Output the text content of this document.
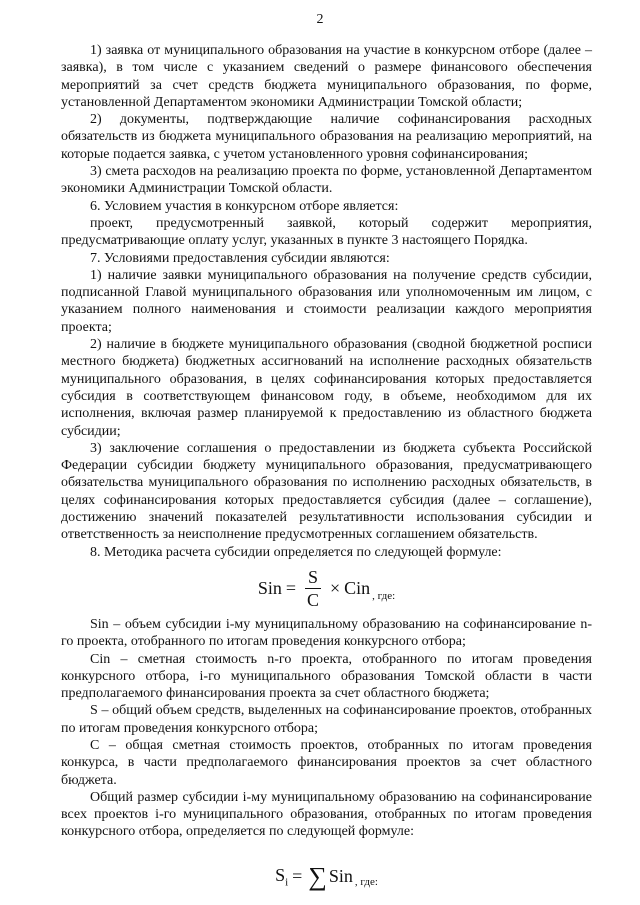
2

1) заявка от муниципального образования на участие в конкурсном отборе (далее – заявка), в том числе с указанием сведений о размере финансового обеспечения мероприятий за счет средств бюджета муниципального образования, по форме, установленной Департаментом экономики Администрации Томской области;

2) документы, подтверждающие наличие софинансирования расходных обязательств из бюджета муниципального образования на реализацию мероприятий, на которые подается заявка, с учетом установленного уровня софинансирования;

3) смета расходов на реализацию проекта по форме, установленной Департаментом экономики Администрации Томской области.

6. Условием участия в конкурсном отборе является:

проект, предусмотренный заявкой, который содержит мероприятия, предусматривающие оплату услуг, указанных в пункте 3 настоящего Порядка.

7. Условиями предоставления субсидии являются:

1) наличие заявки муниципального образования на получение средств субсидии, подписанной Главой муниципального образования или уполномоченным им лицом, с указанием полного наименования и стоимости реализации каждого мероприятия проекта;

2) наличие в бюджете муниципального образования (сводной бюджетной росписи местного бюджета) бюджетных ассигнований на исполнение расходных обязательств муниципального образования, в целях софинансирования которых предоставляется субсидия в соответствующем финансовом году, в объеме, необходимом для их исполнения, включая размер планируемой к предоставлению из областного бюджета субсидии;

3) заключение соглашения о предоставлении из бюджета субъекта Российской Федерации субсидии бюджету муниципального образования, предусматривающего обязательства муниципального образования по исполнению расходных обязательств, в целях софинансирования которых предоставляется субсидия (далее – соглашение), достижению значений показателей результативности использования субсидии и ответственность за неисполнение предусмотренных соглашением обязательств.

8. Методика расчета субсидии определяется по следующей формуле:

Sin = $\frac{S}{C}$ × Cin , где:

Sin – объем субсидии i-му муниципальному образованию на софинансирование n-го проекта, отобранного по итогам проведения конкурсного отбора;

Cin – сметная стоимость n-го проекта, отобранного по итогам проведения конкурсного отбора, i-го муниципального образования Томской области в части предполагаемого финансирования проекта за счет областного бюджета;

S – общий объем средств, выделенных на софинансирование проектов, отобранных по итогам проведения конкурсного отбора;

C – общая сметная стоимость проектов, отобранных по итогам проведения конкурса, в части предполагаемого финансирования проектов за счет областного бюджета.

Общий размер субсидии i-му муниципальному образованию на софинансирование всех проектов i-го муниципального образования, отобранных по итогам проведения конкурсного отбора, определяется по следующей формуле:

$S_i$ = ∑ Sin , где:
